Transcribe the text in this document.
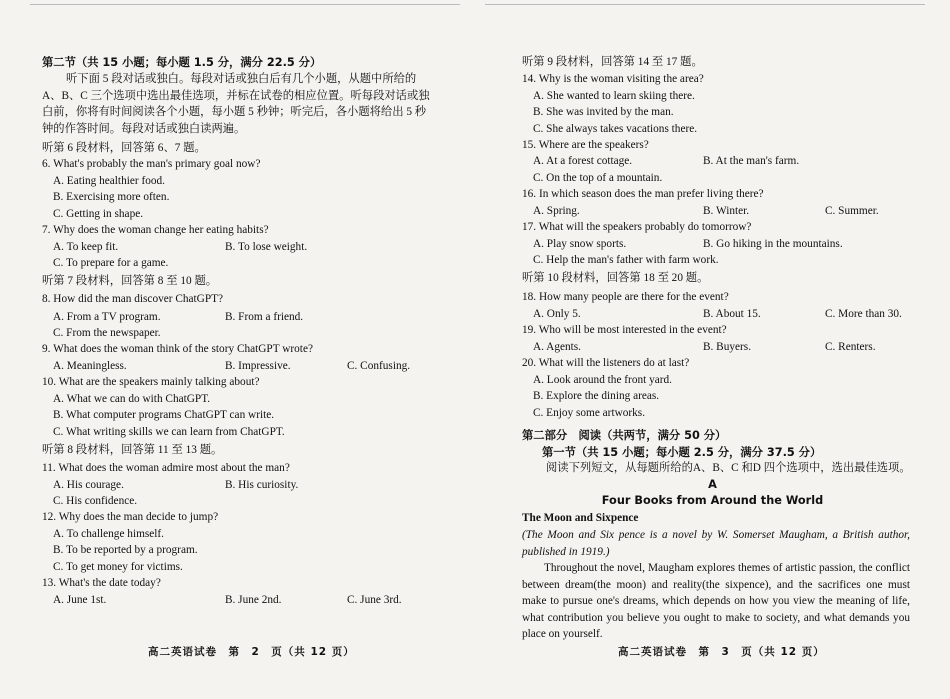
第二节（共 15 小题；每小题 1.5 分，满分 22.5 分）
听下面 5 段对话或独白。每段对话或独白后有几个小题，从题中所给的 A、B、C 三个选项中选出最佳选项，并标在试卷的相应位置。听每段对话或独白前，你将有时间阅读各个小题，每小题 5 秒钟；听完后，各小题将给出 5 秒钟的作答时间。每段对话或独白读两遍。
听第 6 段材料，回答第 6、7 题。
6. What's probably the man's primary goal now?
A. Eating healthier food.
B. Exercising more often.
C. Getting in shape.
7. Why does the woman change her eating habits?
A. To keep fit.	B. To lose weight.
C. To prepare for a game.
听第 7 段材料，回答第 8 至 10 题。
8. How did the man discover ChatGPT?
A. From a TV program.	B. From a friend.
C. From the newspaper.
9. What does the woman think of the story ChatGPT wrote?
A. Meaningless.	B. Impressive.	C. Confusing.
10. What are the speakers mainly talking about?
A. What we can do with ChatGPT.
B. What computer programs ChatGPT can write.
C. What writing skills we can learn from ChatGPT.
听第 8 段材料，回答第 11 至 13 题。
11. What does the woman admire most about the man?
A. His courage.	B. His curiosity.
C. His confidence.
12. Why does the man decide to jump?
A. To challenge himself.
B. To be reported by a program.
C. To get money for victims.
13. What's the date today?
A. June 1st.	B. June 2nd.	C. June 3rd.
高二英语试卷　第　2　页（共 12 页）
听第 9 段材料，回答第 14 至 17 题。
14. Why is the woman visiting the area?
A. She wanted to learn skiing there.
B. She was invited by the man.
C. She always takes vacations there.
15. Where are the speakers?
A. At a forest cottage.	B. At the man's farm.
C. On the top of a mountain.
16. In which season does the man prefer living there?
A. Spring.	B. Winter.	C. Summer.
17. What will the speakers probably do tomorrow?
A. Play snow sports.	B. Go hiking in the mountains.
C. Help the man's father with farm work.
听第 10 段材料，回答第 18 至 20 题。
18. How many people are there for the event?
A. Only 5.	B. About 15.	C. More than 30.
19. Who will be most interested in the event?
A. Agents.	B. Buyers.	C. Renters.
20. What will the listeners do at last?
A. Look around the front yard.
B. Explore the dining areas.
C. Enjoy some artworks.
第二部分　阅读（共两节，满分 50 分）
第一节（共 15 小题；每小题 2.5 分，满分 37.5 分）
阅读下列短文，从每题所给的A、B、C 和D 四个选项中，选出最佳选项。
A
Four Books from Around the World
The Moon and Sixpence
(The Moon and Six pence is a novel by W. Somerset Maugham, a British author, published in 1919.)
Throughout the novel, Maugham explores themes of artistic passion, the conflict between dream(the moon) and reality(the sixpence), and the sacrifices one must make to pursue one's dreams, which depends on how you view the meaning of life, what contribution you believe you ought to make to society, and what demands you place on yourself.
高二英语试卷　第　3　页（共 12 页）
